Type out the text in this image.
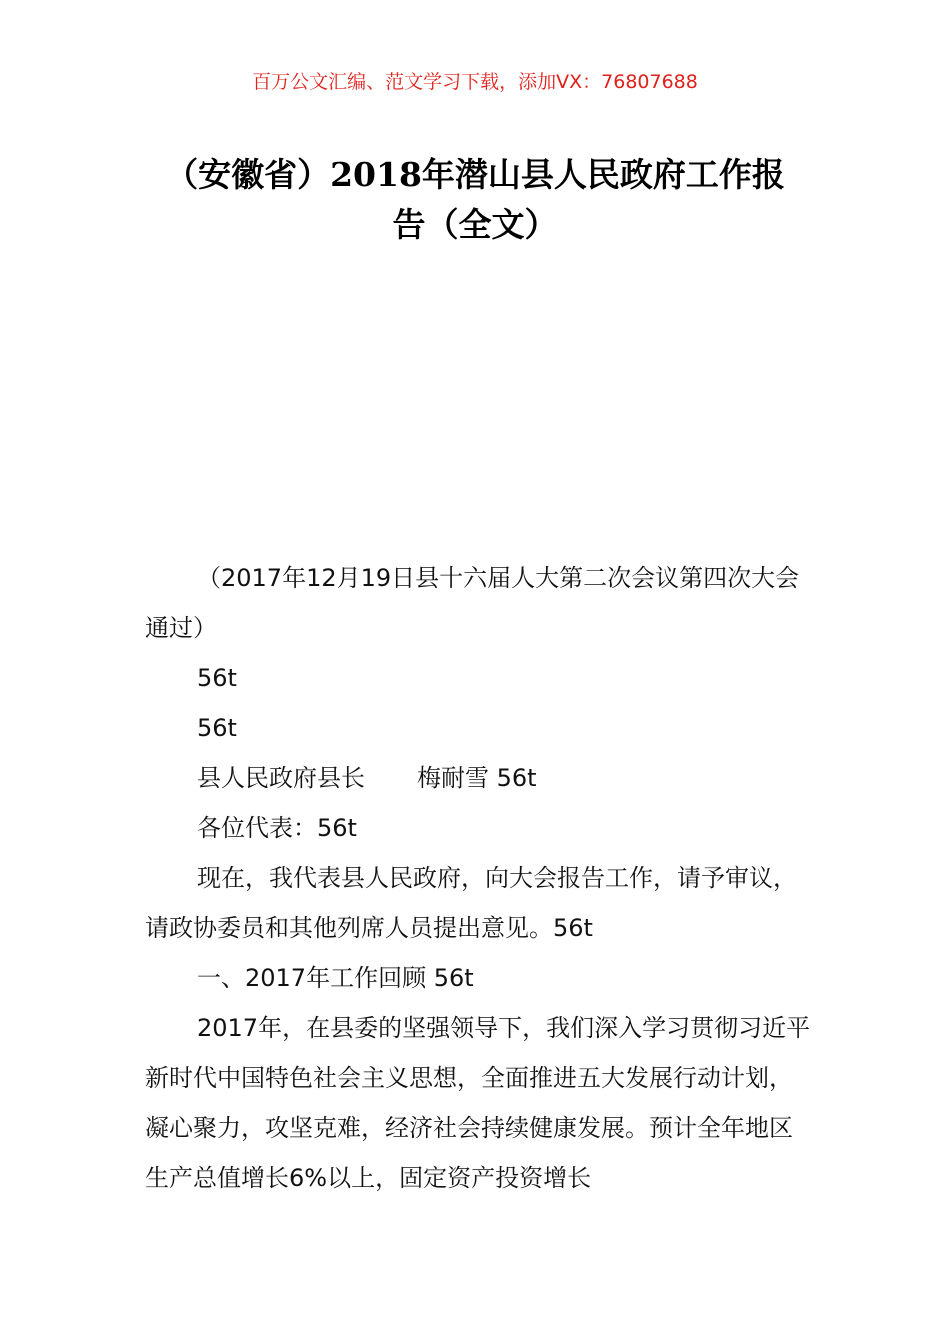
百万公文汇编、范文学习下载，添加VX：76807688
（安徽省）2018年潜山县人民政府工作报
告（全文）

（2017年12月19日县十六届人大第二次会议第四次大会通过）

56t

56t

县人民政府县长 梅耐雪 56t

各位代表：56t

现在，我代表县人民政府，向大会报告工作，请予审议，请政协委员和其他列席人员提出意见。56t

一、2017年工作回顾 56t

2017年，在县委的坚强领导下，我们深入学习贯彻习近平新时代中国特色社会主义思想，全面推进五大发展行动计划，凝心聚力，攻坚克难，经济社会持续健康发展。预计全年地区生产总值增长6%以上，固定资产投资增长
